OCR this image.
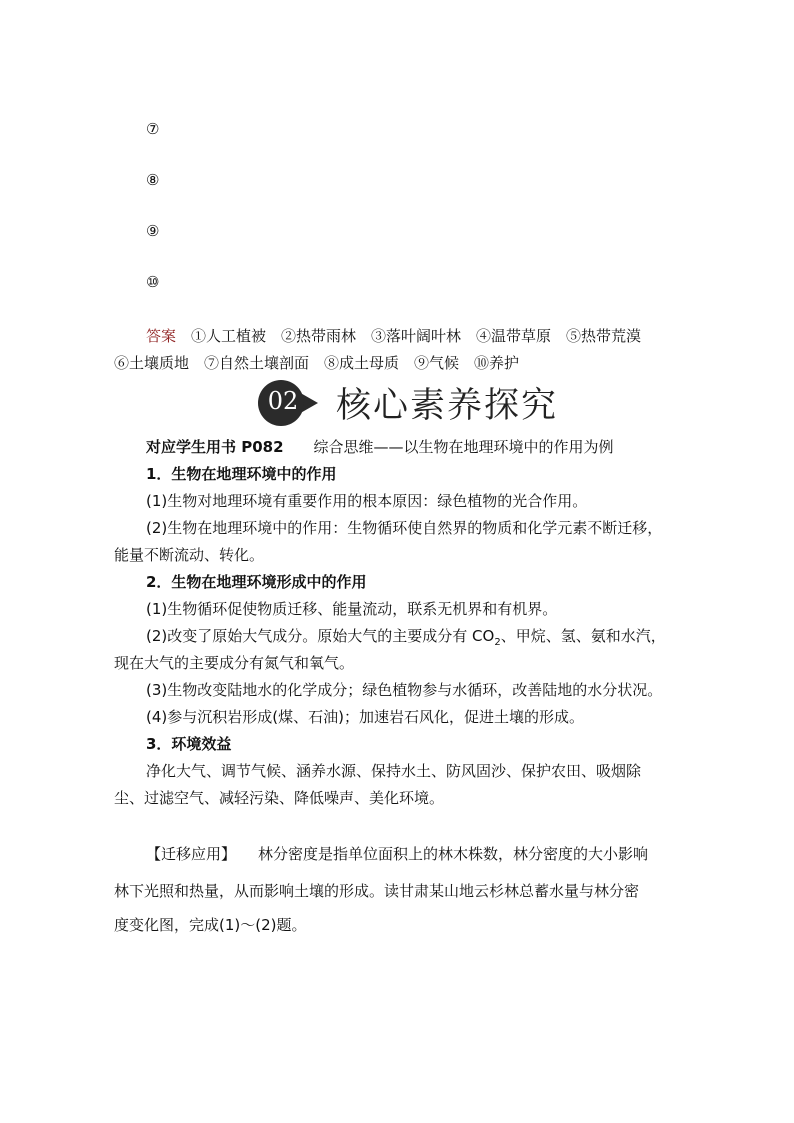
⑦
⑧
⑨
⑩
答案　 ①人工植被　②热带雨林　③落叶阔叶林　④温带草原　⑤热带荒漠
⑥土壤质地　⑦自然土壤剖面　⑧成土母质　⑨气候　⑩养护
02 核心素养探究
对应学生用书 P082 综合思维——以生物在地理环境中的作用为例
1．生物在地理环境中的作用
(1)生物对地理环境有重要作用的根本原因：绿色植物的光合作用。
(2)生物在地理环境中的作用：生物循环使自然界的物质和化学元素不断迁移，
能量不断流动、转化。
2．生物在地理环境形成中的作用
(1)生物循环促使物质迁移、能量流动，联系无机界和有机界。
(2)改变了原始大气成分。原始大气的主要成分有 $CO_2$、甲烷、氢、氨和水汽，
现在大气的主要成分有氮气和氧气。
(3)生物改变陆地水的化学成分；绿色植物参与水循环，改善陆地的水分状况。
(4)参与沉积岩形成(煤、石油)；加速岩石风化，促进土壤的形成。
3．环境效益
净化大气、调节气候、涵养水源、保持水土、防风固沙、保护农田、吸烟除
尘、过滤空气、减轻污染、降低噪声、美化环境。
【迁移应用】 林分密度是指单位面积上的林木株数，林分密度的大小影响
林下光照和热量，从而影响土壤的形成。读甘肃某山地云杉林总蓄水量与林分密
度变化图，完成(1)～(2)题。
